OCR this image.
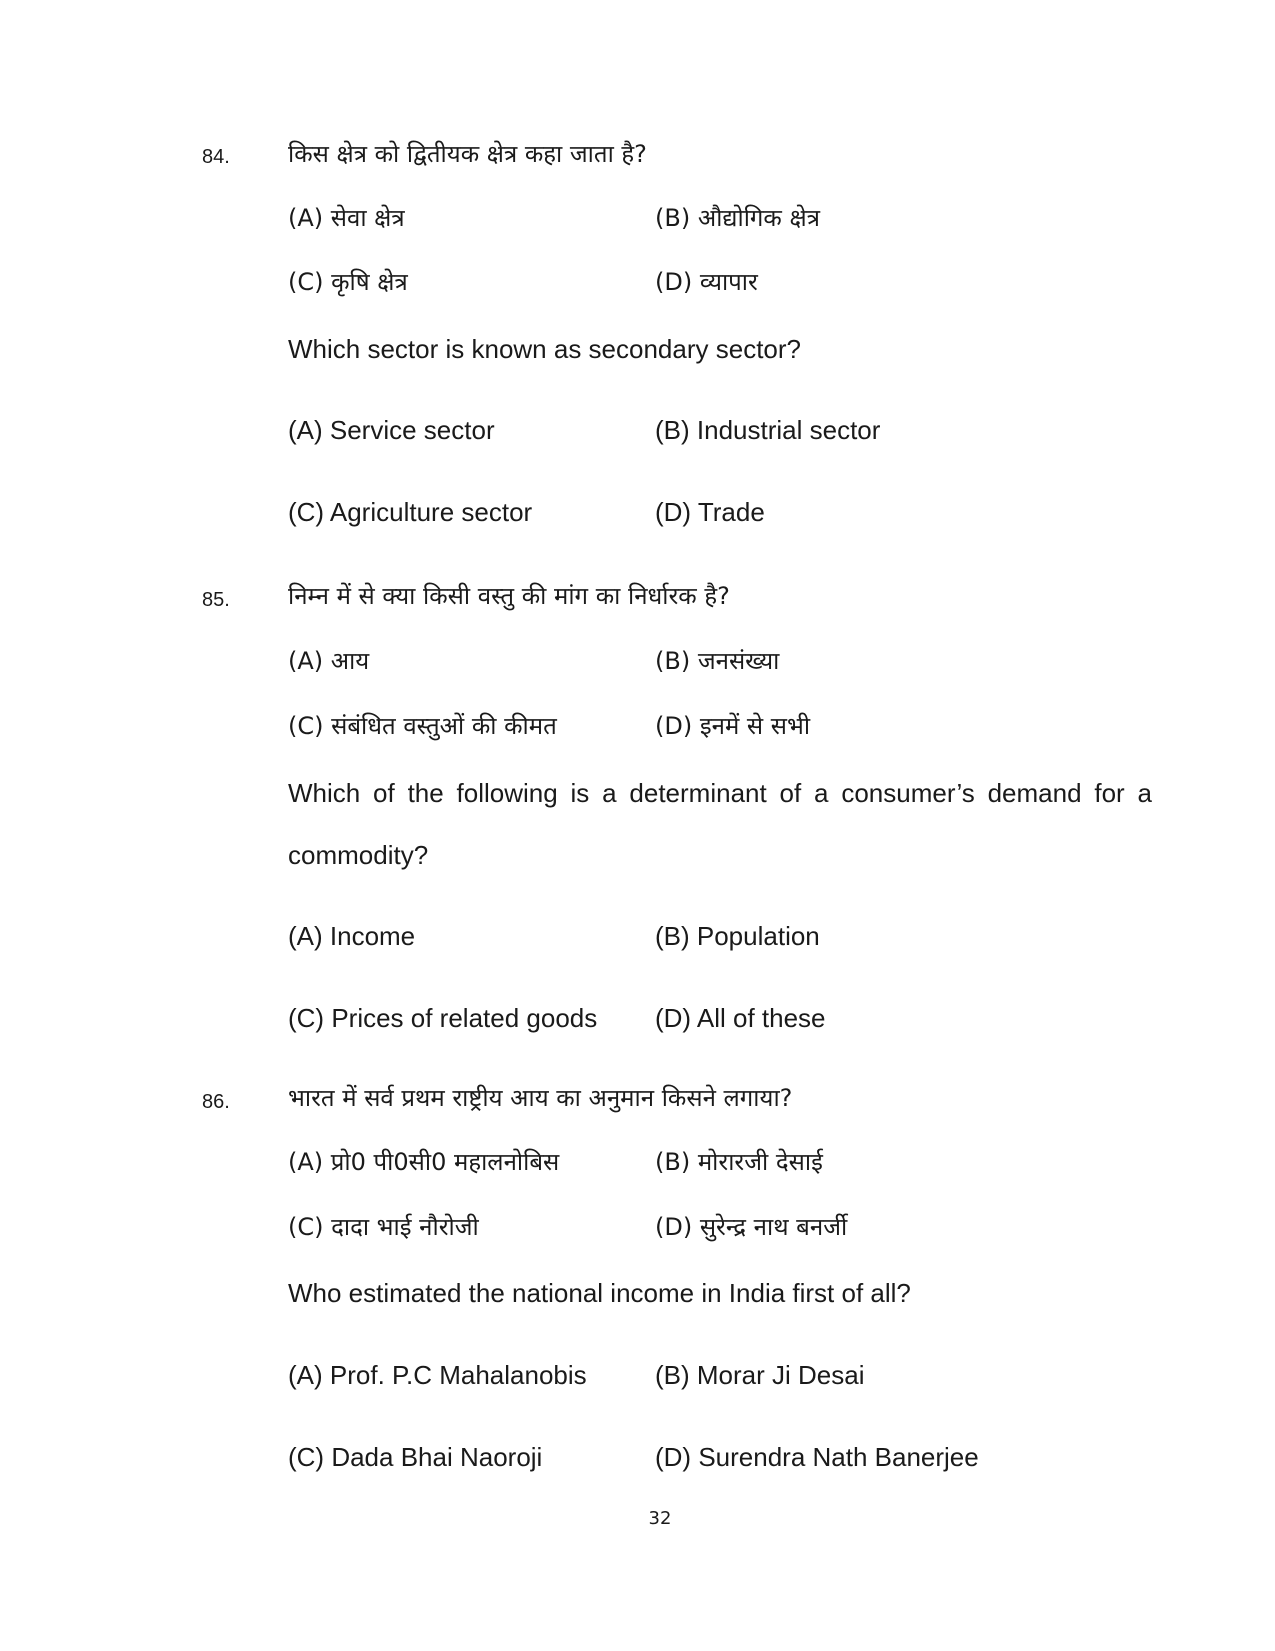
84. किस क्षेत्र को द्वितीयक क्षेत्र कहा जाता है?
(A) सेवा क्षेत्र	(B) औद्योगिक क्षेत्र
(C) कृषि क्षेत्र	(D) व्यापार
Which sector is known as secondary sector?
(A) Service sector	(B) Industrial sector
(C) Agriculture sector	(D) Trade
85. निम्न में से क्या किसी वस्तु की मांग का निर्धारक है?
(A) आय	(B) जनसंख्या
(C) संबंधित वस्तुओं की कीमत	(D) इनमें से सभी
Which of the following is a determinant of a consumer’s demand for a
commodity?
(A) Income	(B) Population
(C) Prices of related goods (D) All of these
86. भारत में सर्व प्रथम राष्ट्रीय आय का अनुमान किसने लगाया?
(A) प्रो0 पी0सी0 महालनोबिस	(B) मोरारजी देसाई
(C) दादा भाई नौरोजी	(D) सुरेन्द्र नाथ बनर्जी
Who estimated the national income in India first of all?
(A) Prof. P.C Mahalanobis	(B) Morar Ji Desai
(C) Dada Bhai Naoroji	(D) Surendra Nath Banerjee
32
